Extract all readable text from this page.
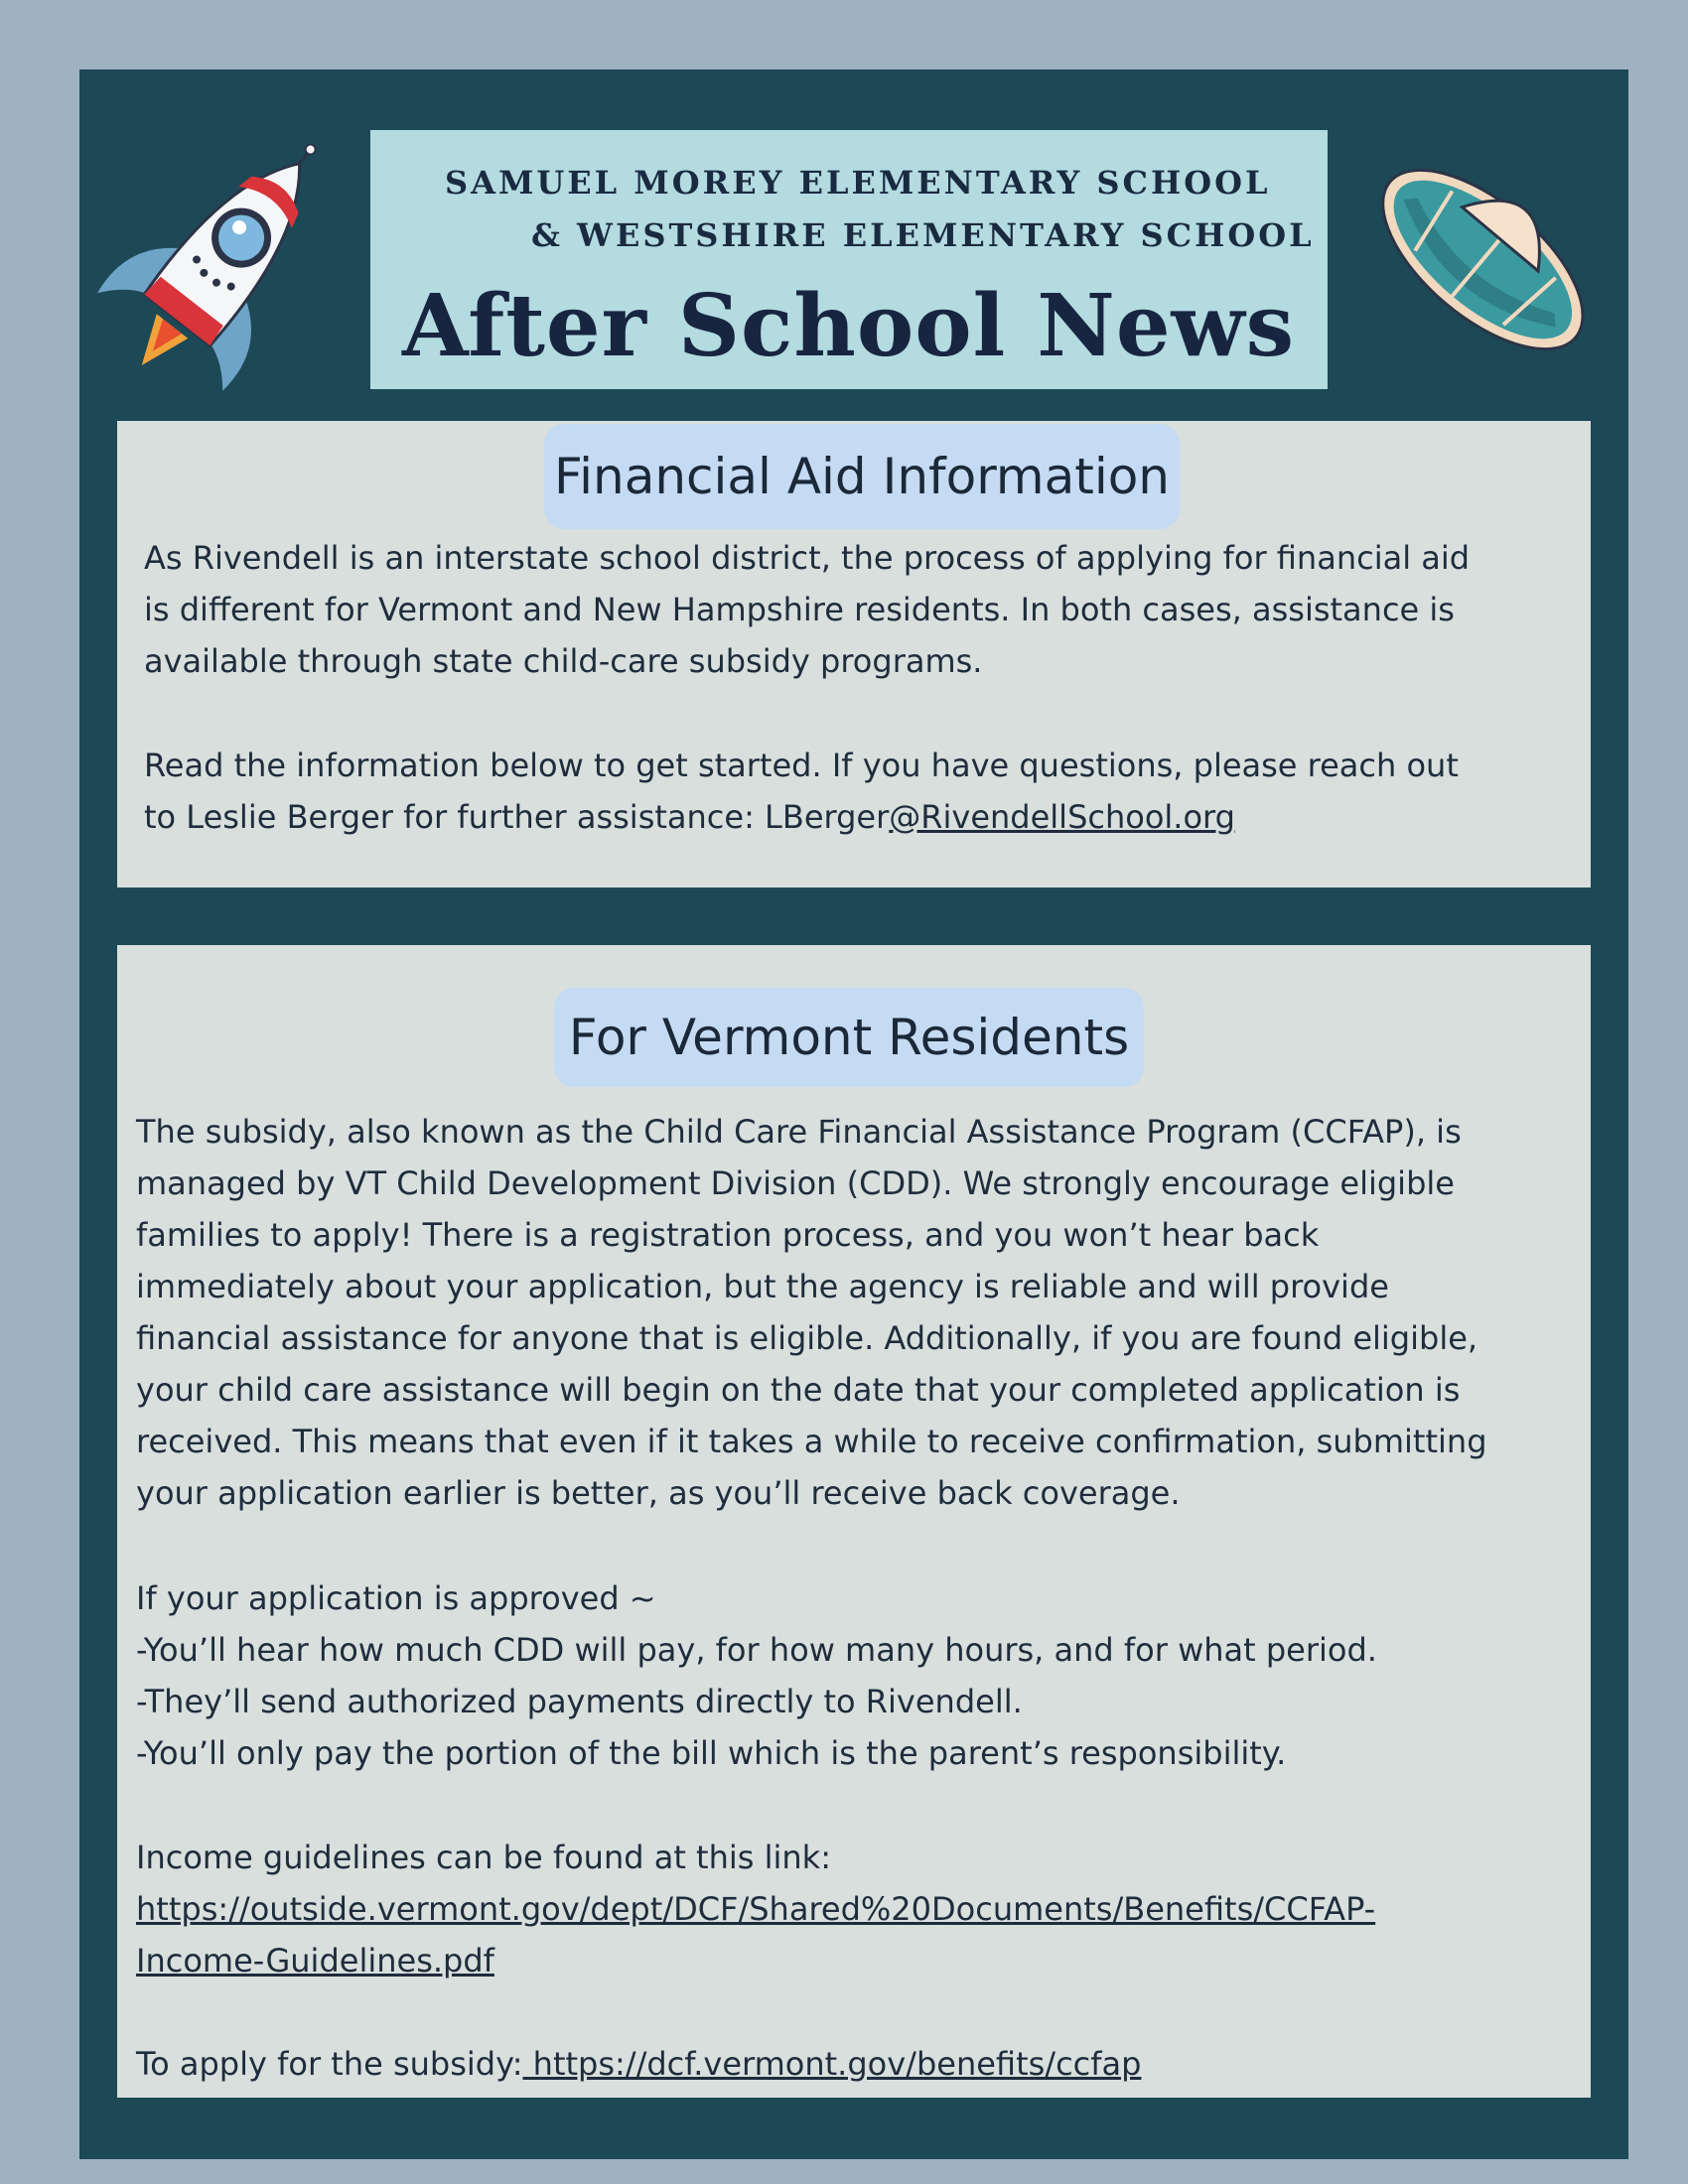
SAMUEL MOREY ELEMENTARY SCHOOL
& WESTSHIRE ELEMENTARY SCHOOL
After School News
Financial Aid Information
As Rivendell is an interstate school district, the process of applying for financial aid
is different for Vermont and New Hampshire residents. In both cases, assistance is
available through state child-care subsidy programs.
Read the information below to get started. If you have questions, please reach out
to Leslie Berger for further assistance: LBerger@RivendellSchool.org
For Vermont Residents
The subsidy, also known as the Child Care Financial Assistance Program (CCFAP), is
managed by VT Child Development Division (CDD). We strongly encourage eligible
families to apply! There is a registration process, and you won’t hear back
immediately about your application, but the agency is reliable and will provide
financial assistance for anyone that is eligible. Additionally, if you are found eligible,
your child care assistance will begin on the date that your completed application is
received. This means that even if it takes a while to receive confirmation, submitting
your application earlier is better, as you’ll receive back coverage.
If your application is approved ~
-You’ll hear how much CDD will pay, for how many hours, and for what period.
-They’ll send authorized payments directly to Rivendell.
-You’ll only pay the portion of the bill which is the parent’s responsibility.
Income guidelines can be found at this link:
https://outside.vermont.gov/dept/DCF/Shared%20Documents/Benefits/CCFAP-
Income-Guidelines.pdf
To apply for the subsidy: https://dcf.vermont.gov/benefits/ccfap
